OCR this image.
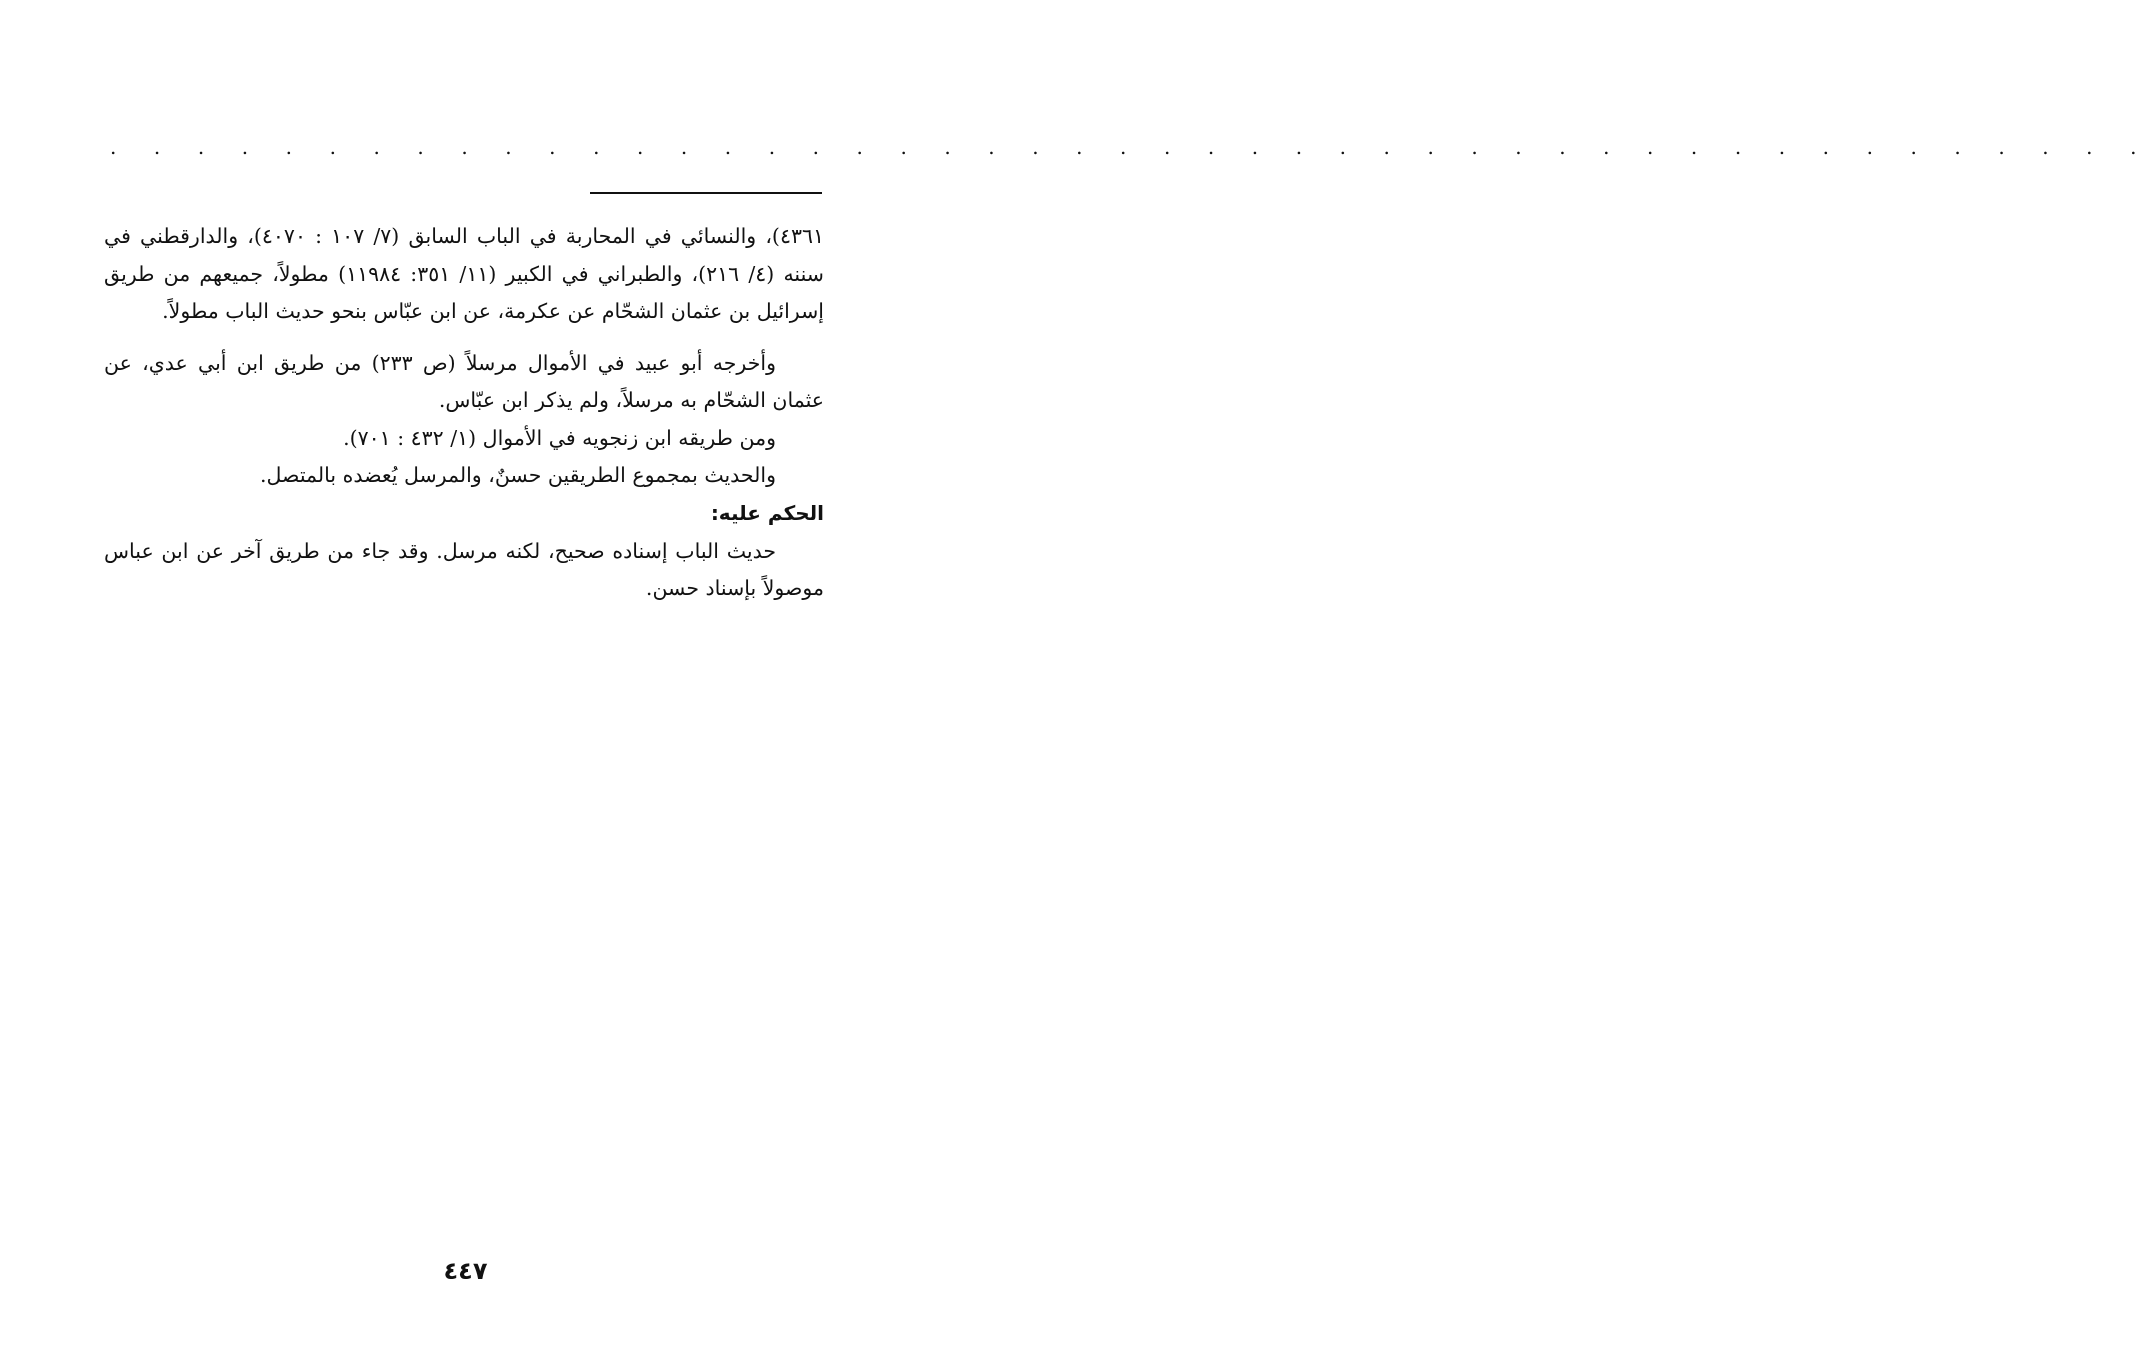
. . . . . . . . . . . . . . . . . . . . . . . . . . . . . . . . . . . . . . . . . . . . . . .

٤٣٦١)، والنسائي في المحاربة في الباب السابق (٧/ ١٠٧ : ٤٠٧٠)، والدارقطني في سننه (٤/ ٢١٦)، والطبراني في الكبير (١١/ ٣٥١: ١١٩٨٤) مطولاً، جميعهم من طريق إسرائيل بن عثمان الشحّام عن عكرمة، عن ابن عبّاس بنحو حديث الباب مطولاً.

وأخرجه أبو عبيد في الأموال مرسلاً (ص ٢٣٣) من طريق ابن أبي عدي، عن عثمان الشحّام به مرسلاً، ولم يذكر ابن عبّاس.

ومن طريقه ابن زنجويه في الأموال (١/ ٤٣٢ : ٧٠١).

والحديث بمجموع الطريقين حسنٌ، والمرسل يُعضده بالمتصل.

الحكم عليه:

حديث الباب إسناده صحيح، لكنه مرسل. وقد جاء من طريق آخر عن ابن عباس موصولاً بإسناد حسن.

٤٤٧
